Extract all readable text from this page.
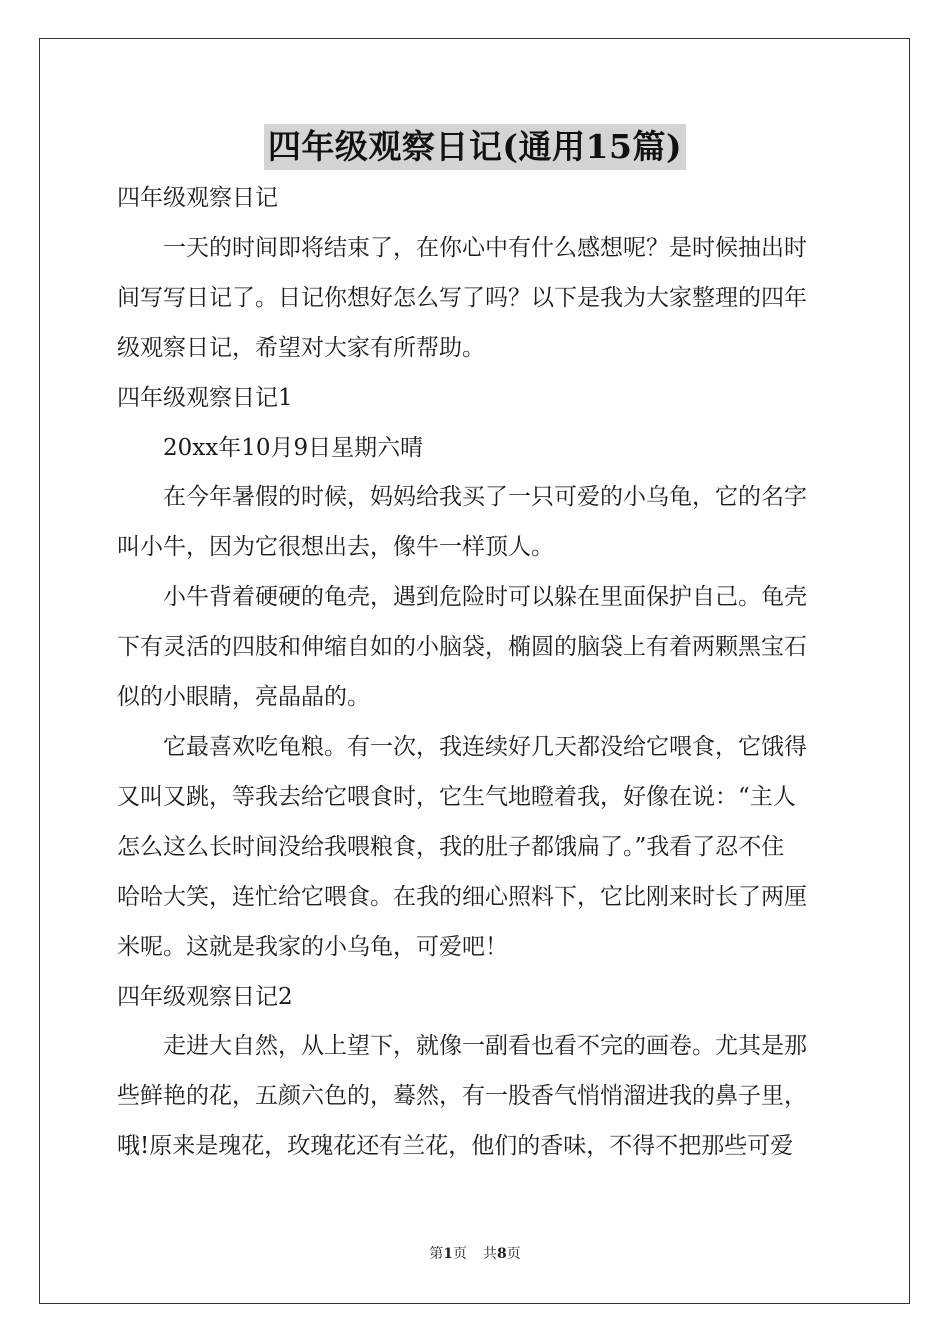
四年级观察日记(通用15篇)

四年级观察日记

一天的时间即将结束了，在你心中有什么感想呢？是时候抽出时

间写写日记了。日记你想好怎么写了吗？以下是我为大家整理的四年

级观察日记，希望对大家有所帮助。

四年级观察日记1

20xx年10月9日星期六晴

在今年暑假的时候，妈妈给我买了一只可爱的小乌龟，它的名字

叫小牛，因为它很想出去，像牛一样顶人。

小牛背着硬硬的龟壳，遇到危险时可以躲在里面保护自己。龟壳

下有灵活的四肢和伸缩自如的小脑袋，椭圆的脑袋上有着两颗黑宝石

似的小眼睛，亮晶晶的。

它最喜欢吃龟粮。有一次，我连续好几天都没给它喂食，它饿得

又叫又跳，等我去给它喂食时，它生气地瞪着我，好像在说：“主人

怎么这么长时间没给我喂粮食，我的肚子都饿扁了。”我看了忍不住

哈哈大笑，连忙给它喂食。在我的细心照料下，它比刚来时长了两厘

米呢。这就是我家的小乌龟，可爱吧！

四年级观察日记2

走进大自然，从上望下，就像一副看也看不完的画卷。尤其是那

些鲜艳的花，五颜六色的，蓦然，有一股香气悄悄溜进我的鼻子里，

哦!原来是瑰花，玫瑰花还有兰花，他们的香味，不得不把那些可爱

第1页 共8页
